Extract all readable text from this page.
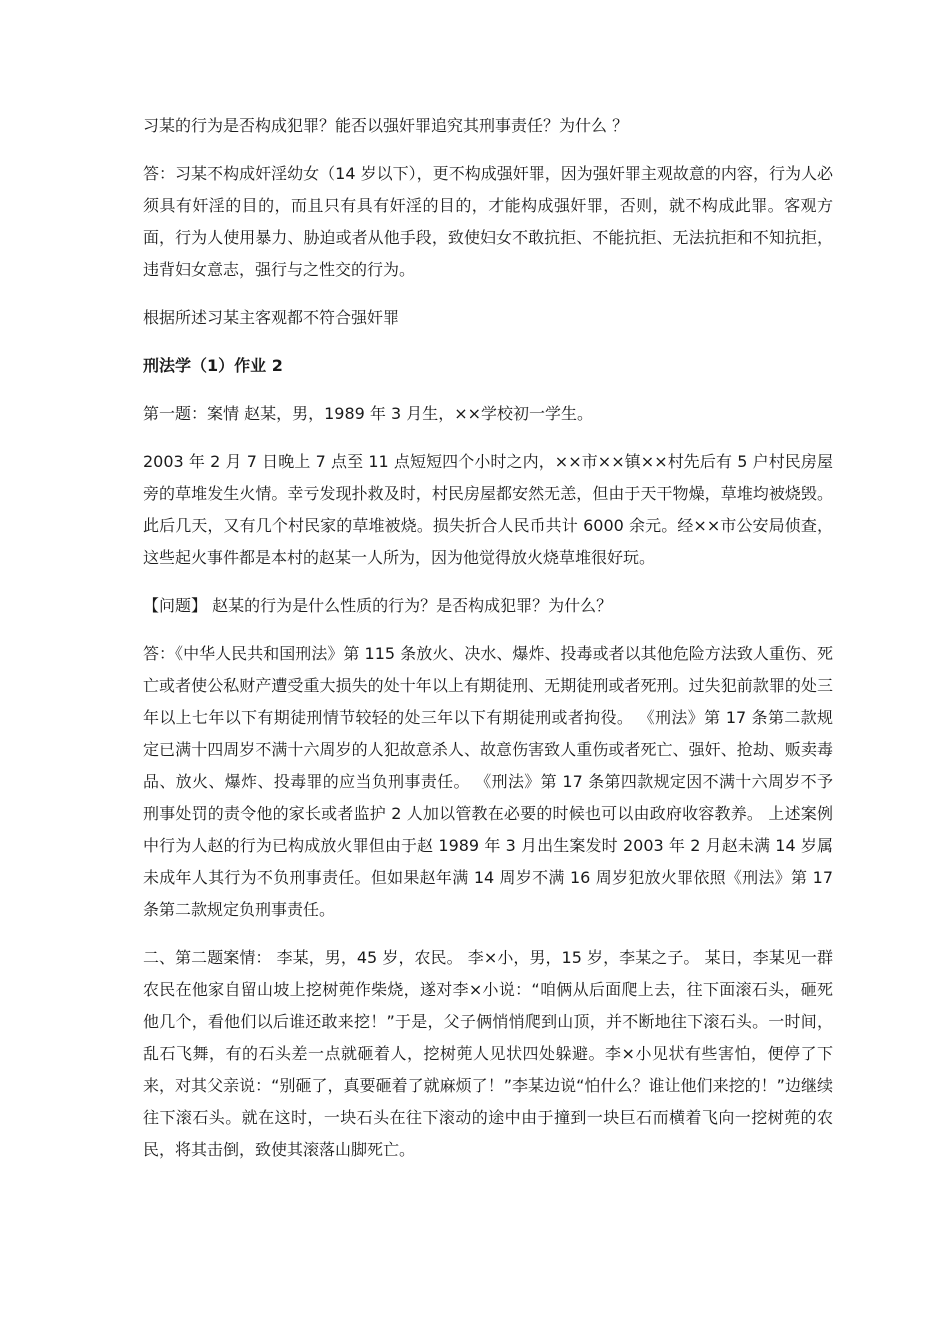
习某的行为是否构成犯罪？能否以强奸罪追究其刑事责任？为什么 ？

答：习某不构成奸淫幼女（14 岁以下），更不构成强奸罪，因为强奸罪主观故意的内容，行为人必须具有奸淫的目的，而且只有具有奸淫的目的，才能构成强奸罪，否则，就不构成此罪。客观方面，行为人使用暴力、胁迫或者从他手段，致使妇女不敢抗拒、不能抗拒、无法抗拒和不知抗拒，违背妇女意志，强行与之性交的行为。

根据所述习某主客观都不符合强奸罪

刑法学（1）作业 2

第一题：案情 赵某，男，1989 年 3 月生，××学校初一学生。

2003 年 2 月 7 日晚上 7 点至 11 点短短四个小时之内，××市××镇××村先后有 5 户村民房屋旁的草堆发生火情。幸亏发现扑救及时，村民房屋都安然无恙，但由于天干物燥，草堆均被烧毁。此后几天，又有几个村民家的草堆被烧。损失折合人民币共计 6000 余元。经××市公安局侦查，这些起火事件都是本村的赵某一人所为，因为他觉得放火烧草堆很好玩。

【问题】 赵某的行为是什么性质的行为？是否构成犯罪？为什么？

答：《中华人民共和国刑法》第 115 条放火、决水、爆炸、投毒或者以其他危险方法致人重伤、死亡或者使公私财产遭受重大损失的处十年以上有期徒刑、无期徒刑或者死刑。过失犯前款罪的处三年以上七年以下有期徒刑情节较轻的处三年以下有期徒刑或者拘役。 《刑法》第 17 条第二款规定已满十四周岁不满十六周岁的人犯故意杀人、故意伤害致人重伤或者死亡、强奸、抢劫、贩卖毒品、放火、爆炸、投毒罪的应当负刑事责任。 《刑法》第 17 条第四款规定因不满十六周岁不予刑事处罚的责令他的家长或者监护 2 人加以管教在必要的时候也可以由政府收容教养。 上述案例中行为人赵的行为已构成放火罪但由于赵 1989 年 3 月出生案发时 2003 年 2 月赵未满 14 岁属未成年人其行为不负刑事责任。但如果赵年满 14 周岁不满 16 周岁犯放火罪依照《刑法》第 17 条第二款规定负刑事责任。

二、第二题案情： 李某，男，45 岁，农民。 李×小，男，15 岁，李某之子。 某日，李某见一群农民在他家自留山坡上挖树蔸作柴烧，遂对李×小说：“咱俩从后面爬上去，往下面滚石头，砸死他几个，看他们以后谁还敢来挖！”于是，父子俩悄悄爬到山顶，并不断地往下滚石头。一时间，乱石飞舞，有的石头差一点就砸着人，挖树蔸人见状四处躲避。李×小见状有些害怕，便停了下来，对其父亲说：“别砸了，真要砸着了就麻烦了！”李某边说“怕什么？谁让他们来挖的！”边继续往下滚石头。就在这时，一块石头在往下滚动的途中由于撞到一块巨石而横着飞向一挖树蔸的农民，将其击倒，致使其滚落山脚死亡。
